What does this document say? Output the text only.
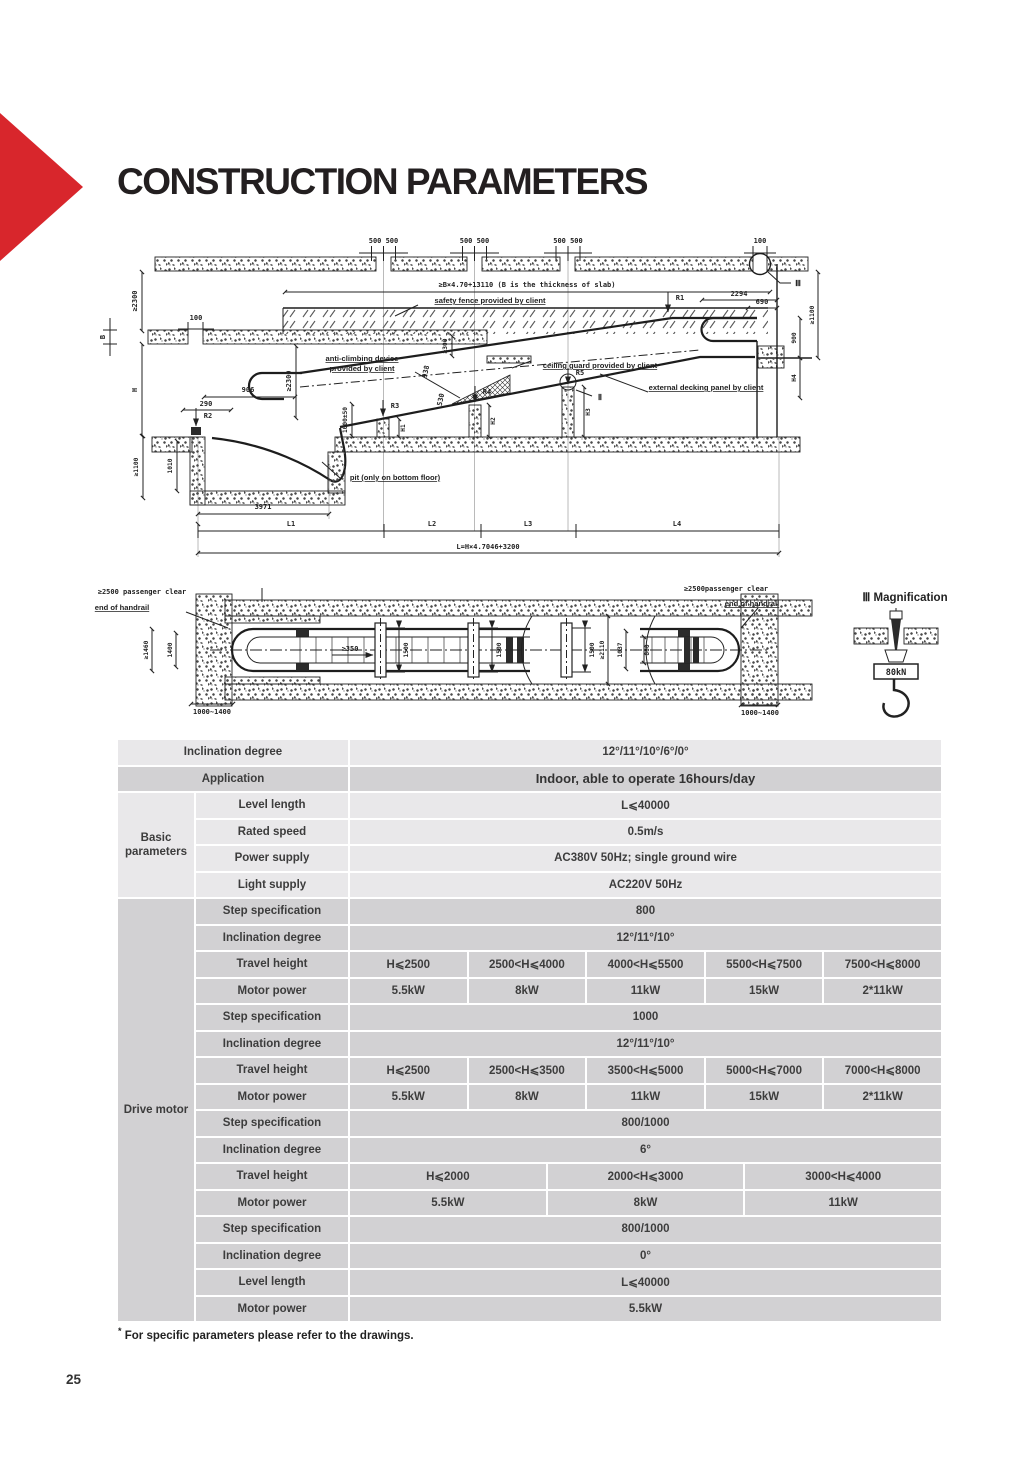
CONSTRUCTION PARAMETERS
500 500	500 500	500 500	100
Ⅲ
≥B×4.70+13110 (B is the thickness of slab)
2294
690
≥2300	safety fence provided by client
B
100
H
anti-climbing device
provided by client
≥2300
ceiling guard provided by client
≥300
938
530
1000±50
external decking panel by client
R2
R3
H1
R4
H2
R5
H3
Ⅱ
R1
pit (only on bottom floor)
≥1100	1010
906
290
900
≥1100
H4
3971
L1	L2	L3	L4
L=H×4.7046+3200
1500	1500	1500
≥350	≥2110 1037	800
≥1460	1400
1000~1400	1000~1400
≥2500 passenger clear
end of handrail
≥2500passenger clear
end of handrail	Ⅲ Magnification
80kN
Inclination degree	12°/11°/10°/6°/0°
Application	Indoor, able to operate 16hours/day
Basic parameters
Level length	L⩽40000
Rated speed	0.5m/s
Power supply	AC380V 50Hz; single ground wire
Light supply	AC220V 50Hz
Drive motor
Step specification	800
Inclination degree	12°/11°/10°
Travel height	H⩽2500	2500<H⩽4000	4000<H⩽5500	5500<H⩽7500	7500<H⩽8000
Motor power	5.5kW	8kW	11kW	15kW	2*11kW
Step specification	1000
Inclination degree	12°/11°/10°
Travel height	H⩽2500	2500<H⩽3500	3500<H⩽5000	5000<H⩽7000	7000<H⩽8000
Motor power	5.5kW	8kW	11kW	15kW	2*11kW
Step specification	800/1000
Inclination degree	6°
Travel height	H⩽2000	2000<H⩽3000	3000<H⩽4000
Motor power	5.5kW	8kW	11kW
Step specification	800/1000
Inclination degree	0°
Level length	L⩽40000
Motor power	5.5kW
* For specific parameters please refer to the drawings.
25
